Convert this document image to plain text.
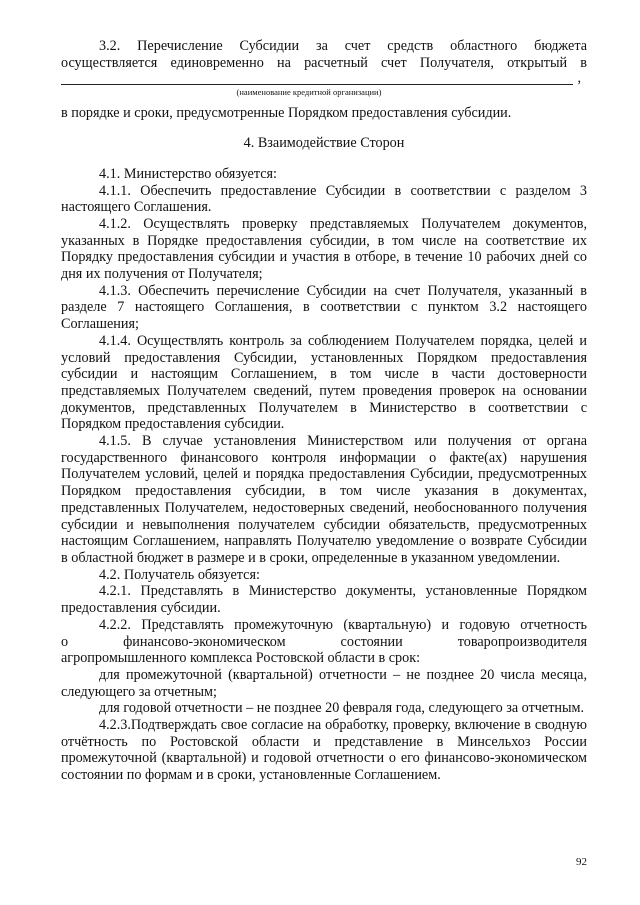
3.2. Перечисление Субсидии за счет средств областного бюджета

осуществляется единовременно на расчетный счет Получателя, открытый в

,

(наименование кредитной организации)

в порядке и сроки, предусмотренные Порядком предоставления субсидии.

4. Взаимодействие Сторон

4.1. Министерство обязуется:

4.1.1. Обеспечить предоставление Субсидии в соответствии с разделом 3 настоящего Соглашения.

4.1.2. Осуществлять проверку представляемых Получателем документов, указанных в Порядке предоставления субсидии, в том числе на соответствие их Порядку предоставления субсидии и участия в отборе, в течение 10 рабочих дней со дня их получения от Получателя;

4.1.3. Обеспечить перечисление Субсидии на счет Получателя, указанный в разделе 7 настоящего Соглашения, в соответствии с пунктом 3.2 настоящего Соглашения;

4.1.4. Осуществлять контроль за соблюдением Получателем порядка, целей и условий предоставления Субсидии, установленных Порядком предоставления субсидии и настоящим Соглашением, в том числе в части достоверности представляемых Получателем сведений, путем проведения проверок на основании документов, представленных Получателем в Министерство в соответствии с Порядком предоставления субсидии.

4.1.5. В случае установления Министерством или получения от органа государственного финансового контроля информации о факте(ах) нарушения Получателем условий, целей и порядка предоставления Субсидии, предусмотренных Порядком предоставления субсидии, в том числе указания в документах, представленных Получателем, недостоверных сведений, необоснованного получения субсидии и невыполнения получателем субсидии обязательств, предусмотренных настоящим Соглашением, направлять Получателю уведомление о возврате Субсидии в областной бюджет в размере и в сроки, определенные в указанном уведомлении.

4.2. Получатель обязуется:

4.2.1. Представлять в Министерство документы, установленные Порядком предоставления субсидии.

4.2.2. Представлять промежуточную (квартальную) и годовую отчетность

о	финансово-экономическом	состоянии	товаропроизводителя

агропромышленного комплекса Ростовской области в срок:

для промежуточной (квартальной) отчетности – не позднее 20 числа месяца, следующего за отчетным;

для годовой отчетности – не позднее 20 февраля года, следующего за отчетным.

4.2.3.Подтверждать свое согласие на обработку, проверку, включение в сводную отчётность по Ростовской области и представление в Минсельхоз России промежуточной (квартальной) и годовой отчетности о его финансово-экономическом состоянии по формам и в сроки, установленные Соглашением.

92
